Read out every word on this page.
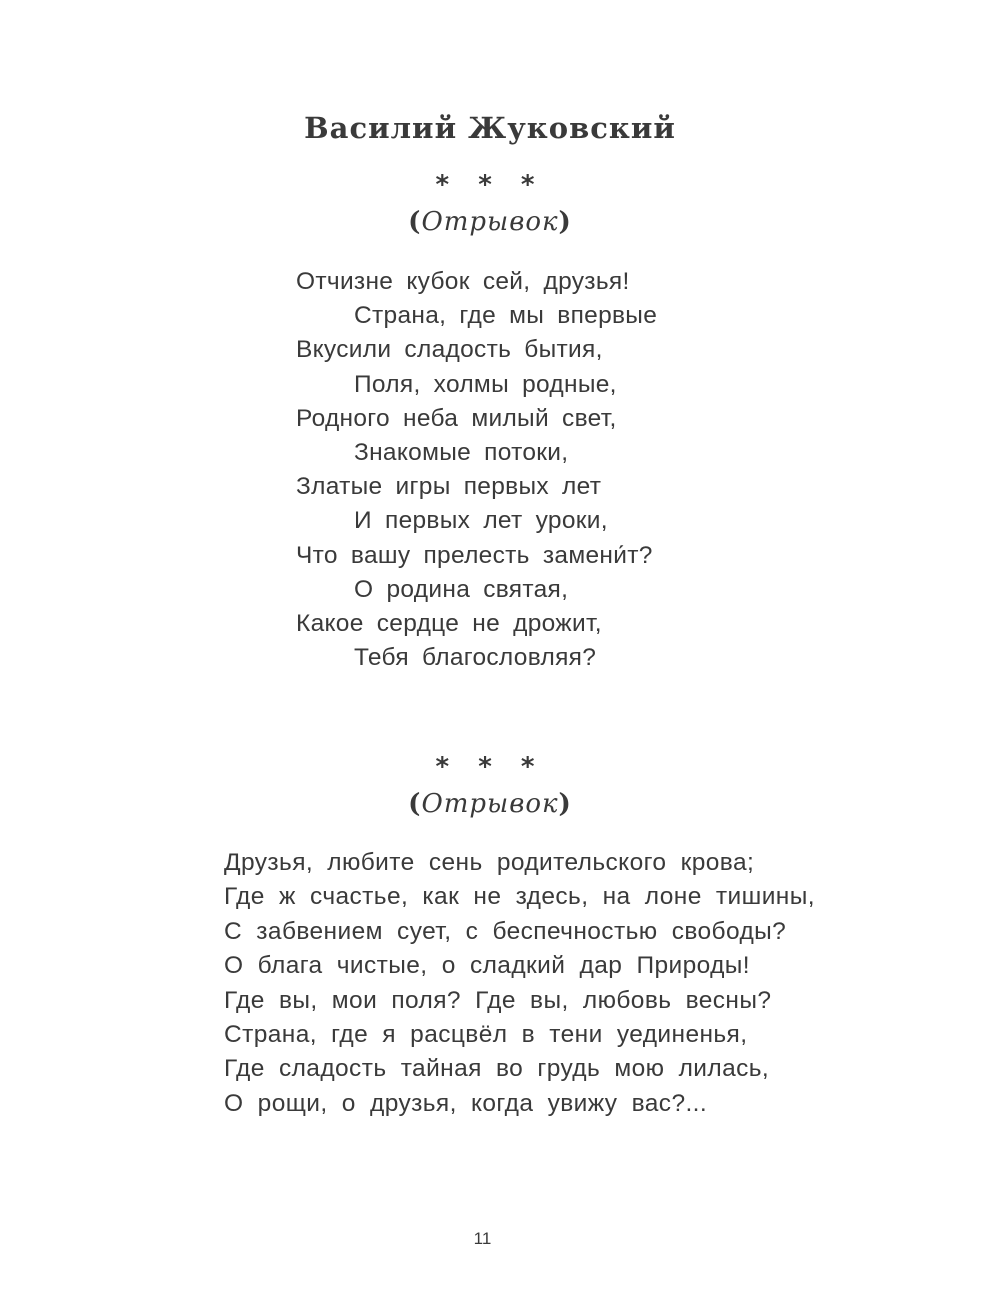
Василий Жуковский
* * *
(Отрывок)
Отчизне кубок сей, друзья!
Страна, где мы впервые
Вкусили сладость бытия,
Поля, холмы родные,
Родного неба милый свет,
Знакомые потоки,
Златые игры первых лет
И первых лет уроки,
Что вашу прелесть замени́т?
О родина святая,
Какое сердце не дрожит,
Тебя благословляя?
* * *
(Отрывок)
Друзья, любите сень родительского крова;
Где ж счастье, как не здесь, на лоне тишины,
С забвением сует, с беспечностью свободы?
О блага чистые, о сладкий дар Природы!
Где вы, мои поля? Где вы, любовь весны?
Страна, где я расцвёл в тени уединенья,
Где сладость тайная во грудь мою лилась,
О рощи, о друзья, когда увижу вас?...
11
